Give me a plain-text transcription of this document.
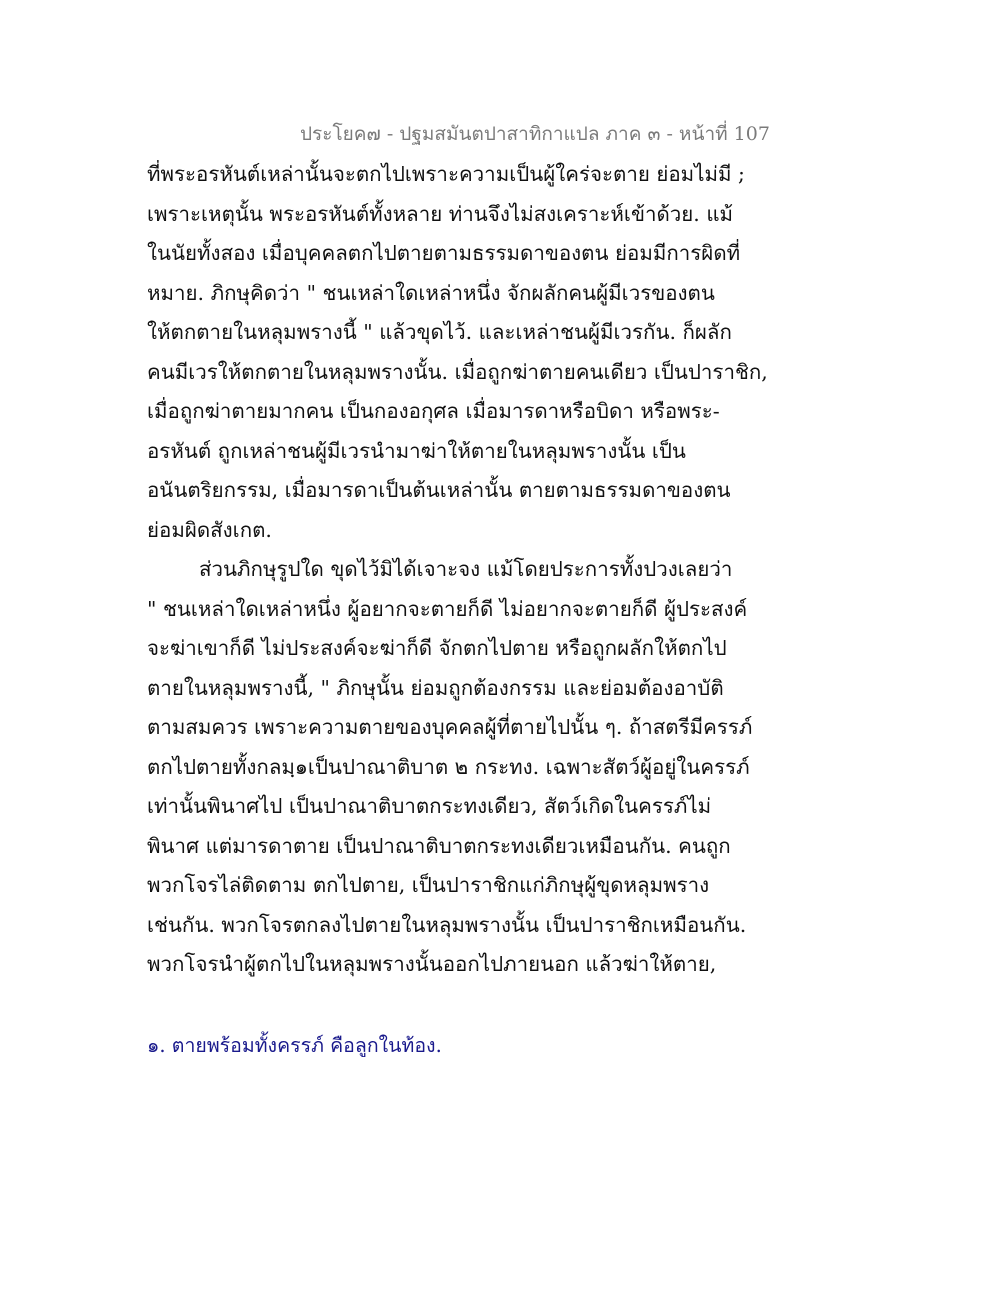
ประโยค๗ - ปฐมสมันตปาสาทิกาแปล ภาค ๓ - หน้าที่ 107
ที่พระอรหันต์เหล่านั้นจะตกไปเพราะความเป็นผู้ใคร่จะตาย ย่อมไม่มี ;
เพราะเหตุนั้น พระอรหันต์ทั้งหลาย ท่านจึงไม่สงเคราะห์เข้าด้วย. แม้
ในนัยทั้งสอง เมื่อบุคคลตกไปตายตามธรรมดาของตน ย่อมมีการผิดที่
หมาย. ภิกษุคิดว่า " ชนเหล่าใดเหล่าหนึ่ง จักผลักคนผู้มีเวรของตน
ให้ตกตายในหลุมพรางนี้ " แล้วขุดไว้. และเหล่าชนผู้มีเวรกัน. ก็ผลัก
คนมีเวรให้ตกตายในหลุมพรางนั้น. เมื่อถูกฆ่าตายคนเดียว เป็นปาราชิก,
เมื่อถูกฆ่าตายมากคน เป็นกองอกุศล เมื่อมารดาหรือบิดา หรือพระ-
อรหันต์ ถูกเหล่าชนผู้มีเวรนำมาฆ่าให้ตายในหลุมพรางนั้น เป็น
อนันตริยกรรม, เมื่อมารดาเป็นต้นเหล่านั้น ตายตามธรรมดาของตน
ย่อมผิดสังเกต.
ส่วนภิกษุรูปใด ขุดไว้มิได้เจาะจง แม้โดยประการทั้งปวงเลยว่า
" ชนเหล่าใดเหล่าหนึ่ง ผู้อยากจะตายก็ดี ไม่อยากจะตายก็ดี ผู้ประสงค์
จะฆ่าเขาก็ดี ไม่ประสงค์จะฆ่าก็ดี จักตกไปตาย หรือถูกผลักให้ตกไป
ตายในหลุมพรางนี้, " ภิกษุนั้น ย่อมถูกต้องกรรม และย่อมต้องอาบัติ
ตามสมควร เพราะความตายของบุคคลผู้ที่ตายไปนั้น ๆ. ถ้าสตรีมีครรภ์
ตกไปตายทั้งกลมฺ๑เป็นปาณาติบาต ๒ กระทง. เฉพาะสัตว์ผู้อยู่ในครรภ์
เท่านั้นพินาศไป เป็นปาณาติบาตกระทงเดียว, สัตว์เกิดในครรภ์ไม่
พินาศ แต่มารดาตาย เป็นปาณาติบาตกระทงเดียวเหมือนกัน. คนถูก
พวกโจรไล่ติดตาม ตกไปตาย, เป็นปาราชิกแก่ภิกษุผู้ขุดหลุมพราง
เช่นกัน. พวกโจรตกลงไปตายในหลุมพรางนั้น เป็นปาราชิกเหมือนกัน.
พวกโจรนำผู้ตกไปในหลุมพรางนั้นออกไปภายนอก แล้วฆ่าให้ตาย,
๑. ตายพร้อมทั้งครรภ์ คือลูกในท้อง.
